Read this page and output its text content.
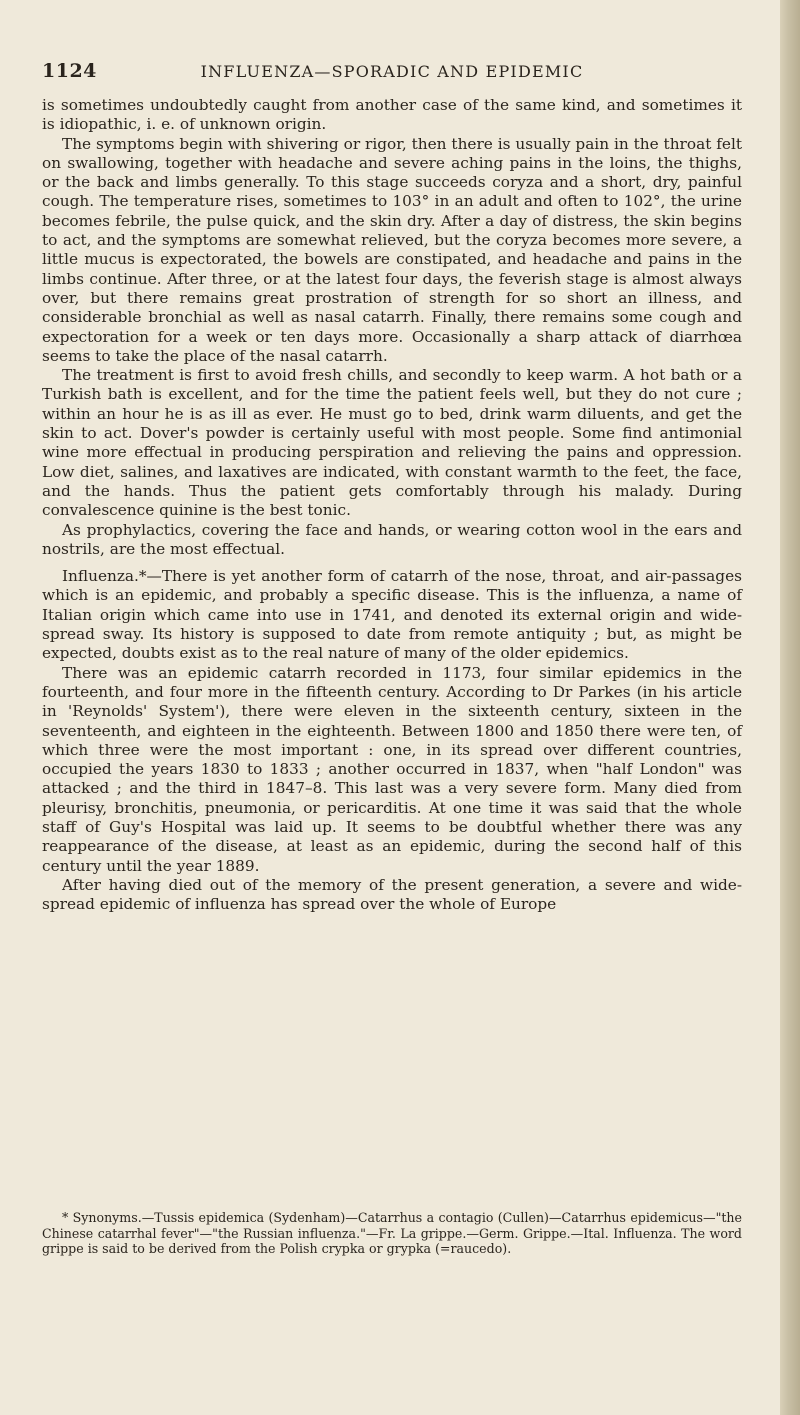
1124	INFLUENZA—SPORADIC AND EPIDEMIC

is sometimes undoubtedly caught from another case of the same kind, and sometimes it is idiopathic, i. e. of unknown origin.

The symptoms begin with shivering or rigor, then there is usually pain in the throat felt on swallowing, together with headache and severe aching pains in the loins, the thighs, or the back and limbs generally. To this stage succeeds coryza and a short, dry, painful cough. The temperature rises, sometimes to 103° in an adult and often to 102°, the urine becomes febrile, the pulse quick, and the skin dry. After a day of distress, the skin begins to act, and the symptoms are somewhat relieved, but the coryza becomes more severe, a little mucus is expectorated, the bowels are constipated, and headache and pains in the limbs continue. After three, or at the latest four days, the feverish stage is almost always over, but there remains great prostration of strength for so short an illness, and considerable bronchial as well as nasal catarrh. Finally, there remains some cough and expectoration for a week or ten days more. Occasionally a sharp attack of diarrhœa seems to take the place of the nasal catarrh.

The treatment is first to avoid fresh chills, and secondly to keep warm. A hot bath or a Turkish bath is excellent, and for the time the patient feels well, but they do not cure ; within an hour he is as ill as ever. He must go to bed, drink warm diluents, and get the skin to act. Dover's powder is certainly useful with most people. Some find antimonial wine more effectual in producing perspiration and relieving the pains and oppression. Low diet, salines, and laxatives are indicated, with constant warmth to the feet, the face, and the hands. Thus the patient gets comfortably through his malady. During convalescence quinine is the best tonic.

As prophylactics, covering the face and hands, or wearing cotton wool in the ears and nostrils, are the most effectual.

Influenza.*—There is yet another form of catarrh of the nose, throat, and air-passages which is an epidemic, and probably a specific disease. This is the influenza, a name of Italian origin which came into use in 1741, and denoted its external origin and wide-spread sway. Its history is supposed to date from remote antiquity ; but, as might be expected, doubts exist as to the real nature of many of the older epidemics.

There was an epidemic catarrh recorded in 1173, four similar epidemics in the fourteenth, and four more in the fifteenth century. According to Dr Parkes (in his article in 'Reynolds' System'), there were eleven in the sixteenth century, sixteen in the seventeenth, and eighteen in the eighteenth. Between 1800 and 1850 there were ten, of which three were the most important : one, in its spread over different countries, occupied the years 1830 to 1833 ; another occurred in 1837, when "half London" was attacked ; and the third in 1847–8. This last was a very severe form. Many died from pleurisy, bronchitis, pneumonia, or pericarditis. At one time it was said that the whole staff of Guy's Hospital was laid up. It seems to be doubtful whether there was any reappearance of the disease, at least as an epidemic, during the second half of this century until the year 1889.

After having died out of the memory of the present generation, a severe and wide-spread epidemic of influenza has spread over the whole of Europe

* Synonyms.—Tussis epidemica (Sydenham)—Catarrhus a contagio (Cullen)—Catarrhus epidemicus—"the Chinese catarrhal fever"—"the Russian influenza."—Fr. La grippe.—Germ. Grippe.—Ital. Influenza. The word grippe is said to be derived from the Polish crypka or grypka (=raucedo).
